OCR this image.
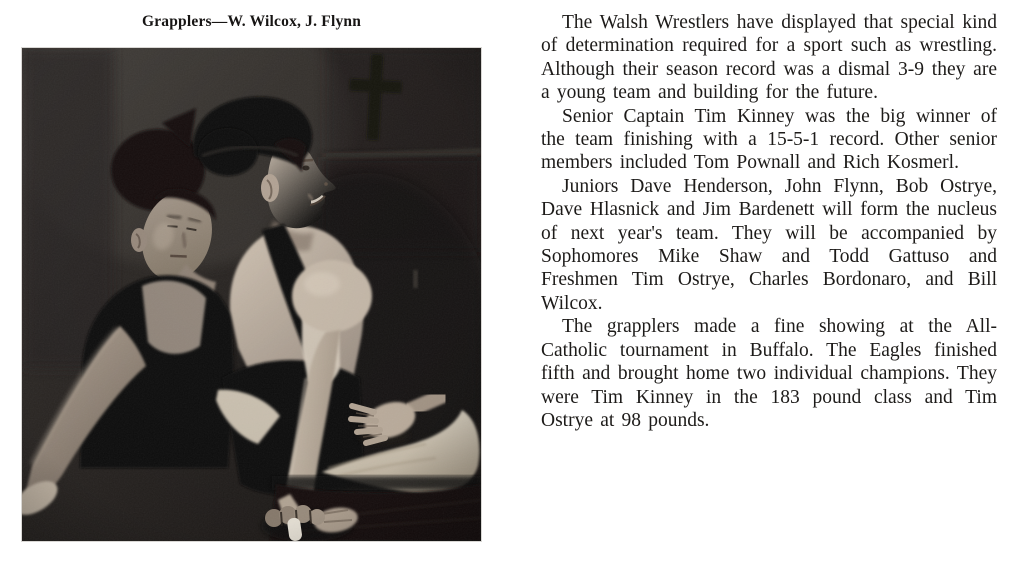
Grapplers—W. Wilcox, J. Flynn	The Walsh Wrestlers have displayed that special kind of determination required for a sport such as wrestling. Although their season record was a dismal 3-9 they are a young team and building for the future.

Senior Captain Tim Kinney was the big winner of the team finishing with a 15-5-1 record. Other senior members included Tom Pownall and Rich Kosmerl.

Juniors Dave Henderson, John Flynn, Bob Ostrye, Dave Hlasnick and Jim Bardenett will form the nucleus of next year's team. They will be accompanied by Sophomores Mike Shaw and Todd Gattuso and Freshmen Tim Ostrye, Charles Bordonaro, and Bill Wilcox.

The grapplers made a fine showing at the All-Catholic tournament in Buffalo. The Eagles finished fifth and brought home two individual champions. They were Tim Kinney in the 183 pound class and Tim Ostrye at 98 pounds.
